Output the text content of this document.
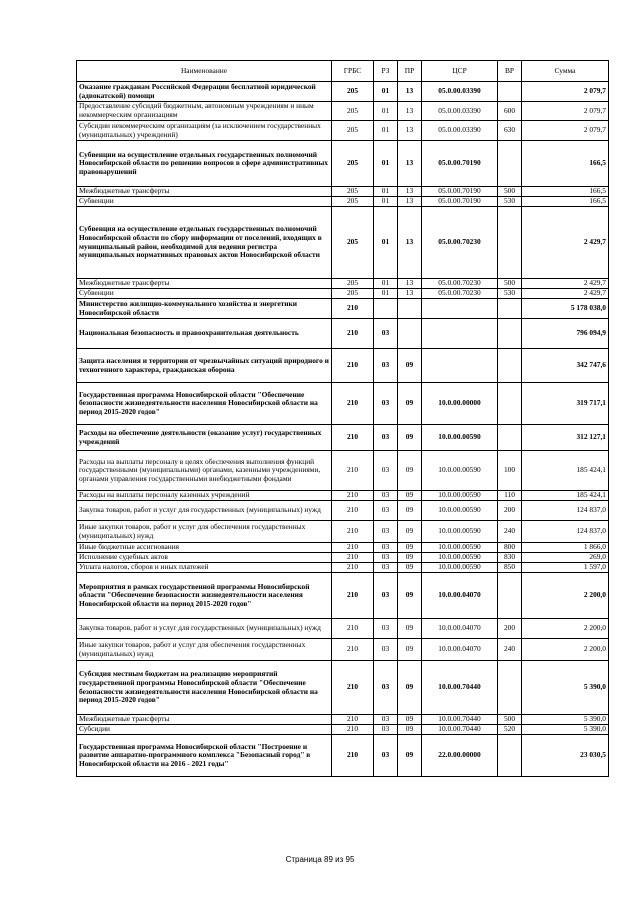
Наименование	ГРБС	РЗ	ПР	ЦСР	ВР	Сумма
Оказание гражданам Российской Федерации бесплатной юридической (адвокатской) помощи	205	01	13	05.0.00.03390		2 079,7
Предоставление субсидий бюджетным, автономным учреждениям и иным некоммерческим организациям	205	01	13	05.0.00.03390	600	2 079,7
Субсидии некоммерческим организациям (за исключением государственных (муниципальных) учреждений)	205	01	13	05.0.00.03390	630	2 079,7
Субвенции на осуществление отдельных государственных полномочий Новосибирской области по решению вопросов в сфере административных правонарушений	205	01	13	05.0.00.70190		166,5
Межбюджетные трансферты	205	01	13	05.0.00.70190	500	166,5
Субвенции	205	01	13	05.0.00.70190	530	166,5
Субвенция на осуществление отдельных государственных полномочий Новосибирской области по сбору информации от поселений, входящих в муниципальный район, необходимой для ведения регистра муниципальных нормативных правовых актов Новосибирской области	205	01	13	05.0.00.70230		2 429,7
Межбюджетные трансферты	205	01	13	05.0.00.70230	500	2 429,7
Субвенции	205	01	13	05.0.00.70230	530	2 429,7
Министерство жилищно-коммунального хозяйства и энергетики Новосибирской области	210					5 178 038,0
Национальная безопасность и правоохранительная деятельность	210	03				796 094,9
Защита населения и территории от чрезвычайных ситуаций природного и техногенного характера, гражданская оборона	210	03	09			342 747,6
Государственная программа Новосибирской области "Обеспечение безопасности жизнедеятельности населения Новосибирской области на период 2015-2020 годов"	210	03	09	10.0.00.00000		319 717,1
Расходы на обеспечение деятельности (оказание услуг) государственных учреждений	210	03	09	10.0.00.00590		312 127,1
Расходы на выплаты персоналу в целях обеспечения выполнения функций государственными (муниципальными) органами, казенными учреждениями, органами управления государственными внебюджетными фондами	210	03	09	10.0.00.00590	100	185 424,1
Расходы на выплаты персоналу казенных учреждений	210	03	09	10.0.00.00590	110	185 424,1
Закупка товаров, работ и услуг для государственных (муниципальных) нужд	210	03	09	10.0.00.00590	200	124 837,0
Иные закупки товаров, работ и услуг для обеспечения государственных (муниципальных) нужд	210	03	09	10.0.00.00590	240	124 837,0
Иные бюджетные ассигнования	210	03	09	10.0.00.00590	800	1 866,0
Исполнение судебных актов	210	03	09	10.0.00.00590	830	269,0
Уплата налогов, сборов и иных платежей	210	03	09	10.0.00.00590	850	1 597,0
Мероприятия в рамках государственной программы Новосибирской области "Обеспечение безопасности жизнедеятельности населения Новосибирской области на период 2015-2020 годов"	210	03	09	10.0.00.04070		2 200,0
Закупка товаров, работ и услуг для государственных (муниципальных) нужд	210	03	09	10.0.00.04070	200	2 200,0
Иные закупки товаров, работ и услуг для обеспечения государственных (муниципальных) нужд	210	03	09	10.0.00.04070	240	2 200,0
Субсидия местным бюджетам на реализацию мероприятий государственной программы Новосибирской области "Обеспечение безопасности жизнедеятельности населения Новосибирской области на период 2015-2020 годов"	210	03	09	10.0.00.70440		5 390,0
Межбюджетные трансферты	210	03	09	10.0.00.70440	500	5 390,0
Субсидии	210	03	09	10.0.00.70440	520	5 390,0
Государственная программа Новосибирской области "Построение и развитие аппаратно-программного комплекса "Безопасный город" в Новосибирской области на 2016 - 2021 годы"	210	03	09	22.0.00.00000		23 030,5
Страница 89 из 95
